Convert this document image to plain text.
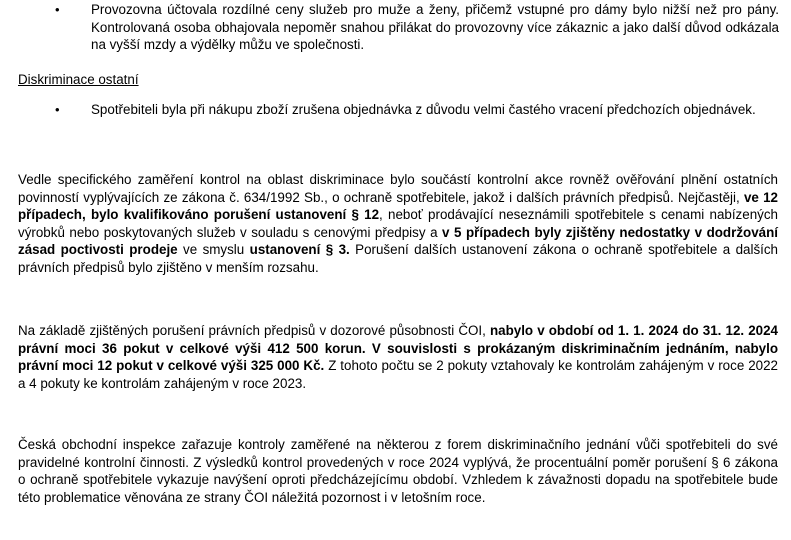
• Provozovna účtovala rozdílné ceny služeb pro muže a ženy, přičemž vstupné pro dámy bylo nižší než pro pány. Kontrolovaná osoba obhajovala nepoměr snahou přilákat do provozovny více zákaznic a jako další důvod odkázala na vyšší mzdy a výdělky můžu ve společnosti.

Diskriminace ostatní

• Spotřebiteli byla při nákupu zboží zrušena objednávka z důvodu velmi častého vracení předchozích objednávek.

Vedle specifického zaměření kontrol na oblast diskriminace bylo součástí kontrolní akce rovněž ověřování plnění ostatních povinností vyplývajících ze zákona č. 634/1992 Sb., o ochraně spotřebitele, jakož i dalších právních předpisů. Nejčastěji, ve 12 případech, bylo kvalifikováno porušení ustanovení § 12, neboť prodávající neseznámili spotřebitele s cenami nabízených výrobků nebo poskytovaných služeb v souladu s cenovými předpisy a v 5 případech byly zjištěny nedostatky v dodržování zásad poctivosti prodeje ve smyslu ustanovení § 3. Porušení dalších ustanovení zákona o ochraně spotřebitele a dalších právních předpisů bylo zjištěno v menším rozsahu.

Na základě zjištěných porušení právních předpisů v dozorové působnosti ČOI, nabylo v období od 1. 1. 2024 do 31. 12. 2024 právní moci 36 pokut v celkové výši 412 500 korun. V souvislosti s prokázaným diskriminačním jednáním, nabylo právní moci 12 pokut v celkové výši 325 000 Kč. Z tohoto počtu se 2 pokuty vztahovaly ke kontrolám zahájeným v roce 2022 a 4 pokuty ke kontrolám zahájeným v roce 2023.

Česká obchodní inspekce zařazuje kontroly zaměřené na některou z forem diskriminačního jednání vůči spotřebiteli do své pravidelné kontrolní činnosti. Z výsledků kontrol provedených v roce 2024 vyplývá, že procentuální poměr porušení § 6 zákona o ochraně spotřebitele vykazuje navýšení oproti předcházejícímu období. Vzhledem k závažnosti dopadu na spotřebitele bude této problematice věnována ze strany ČOI náležitá pozornost i v letošním roce.
